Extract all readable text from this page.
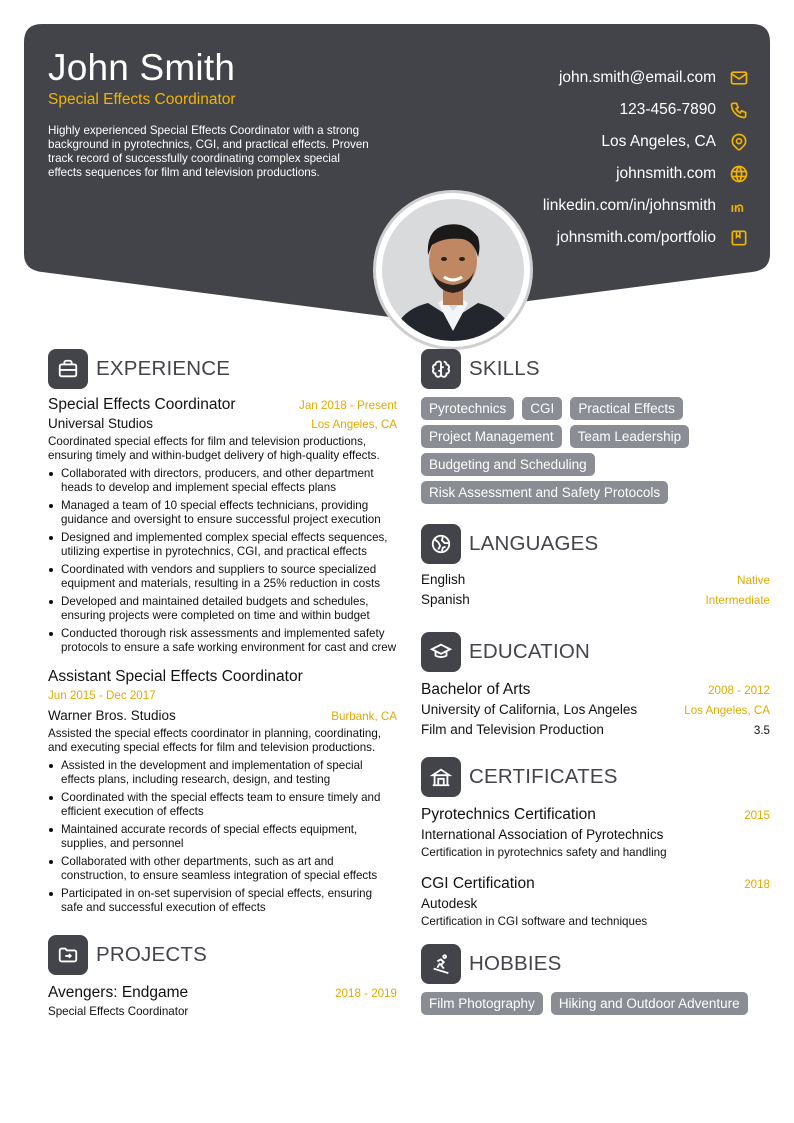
John Smith
Special Effects Coordinator
Highly experienced Special Effects Coordinator with a strong background in pyrotechnics, CGI, and practical effects. Proven track record of successfully coordinating complex special effects sequences for film and television productions.
john.smith@email.com
123-456-7890
Los Angeles, CA
johnsmith.com
linkedin.com/in/johnsmith
johnsmith.com/portfolio
EXPERIENCE
Special Effects Coordinator	Jan 2018 - Present
Universal Studios	Los Angeles, CA
Coordinated special effects for film and television productions, ensuring timely and within-budget delivery of high-quality effects.
Collaborated with directors, producers, and other department heads to develop and implement special effects plans
Managed a team of 10 special effects technicians, providing guidance and oversight to ensure successful project execution
Designed and implemented complex special effects sequences, utilizing expertise in pyrotechnics, CGI, and practical effects
Coordinated with vendors and suppliers to source specialized equipment and materials, resulting in a 25% reduction in costs
Developed and maintained detailed budgets and schedules, ensuring projects were completed on time and within budget
Conducted thorough risk assessments and implemented safety protocols to ensure a safe working environment for cast and crew
Assistant Special Effects Coordinator
Jun 2015 - Dec 2017
Warner Bros. Studios	Burbank, CA
Assisted the special effects coordinator in planning, coordinating, and executing special effects for film and television productions.
Assisted in the development and implementation of special effects plans, including research, design, and testing
Coordinated with the special effects team to ensure timely and efficient execution of effects
Maintained accurate records of special effects equipment, supplies, and personnel
Collaborated with other departments, such as art and construction, to ensure seamless integration of special effects
Participated in on-set supervision of special effects, ensuring safe and successful execution of effects
PROJECTS
Avengers: Endgame	2018 - 2019
Special Effects Coordinator
SKILLS
Pyrotechnics	CGI	Practical Effects
Project Management	Team Leadership
Budgeting and Scheduling
Risk Assessment and Safety Protocols
LANGUAGES
English	Native
Spanish	Intermediate
EDUCATION
Bachelor of Arts	2008 - 2012
University of California, Los Angeles	Los Angeles, CA
Film and Television Production	3.5
CERTIFICATES
Pyrotechnics Certification	2015
International Association of Pyrotechnics
Certification in pyrotechnics safety and handling
CGI Certification	2018
Autodesk
Certification in CGI software and techniques
HOBBIES
Film Photography	Hiking and Outdoor Adventure
